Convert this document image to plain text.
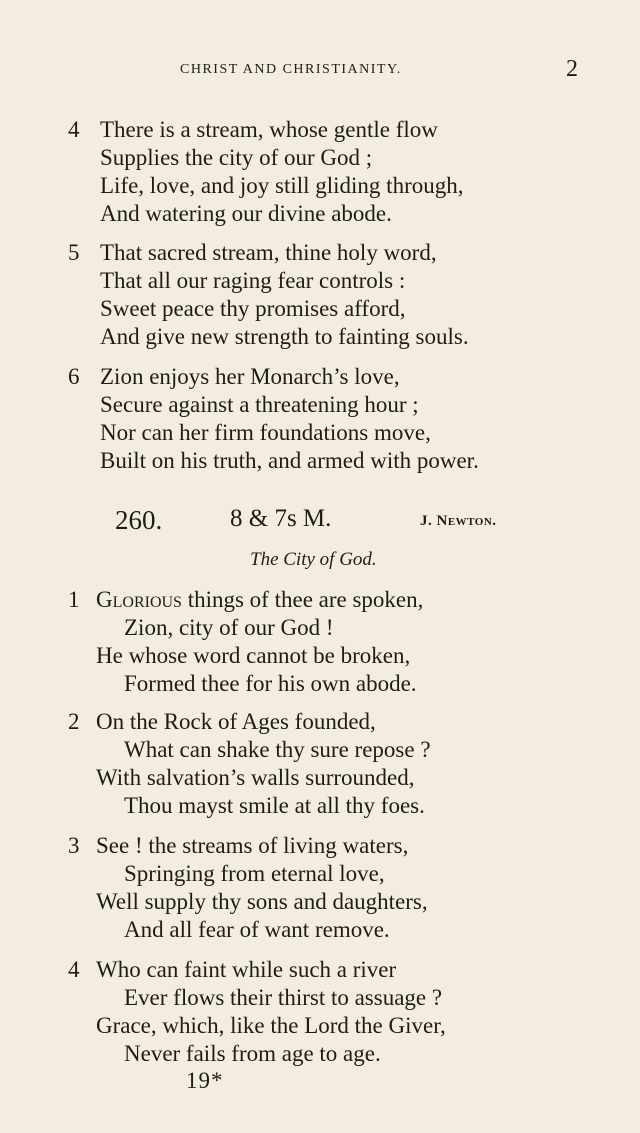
CHRIST AND CHRISTIANITY.	2
4 There is a stream, whose gentle flow
Supplies the city of our God ;
Life, love, and joy still gliding through,
And watering our divine abode.
5 That sacred stream, thine holy word,
That all our raging fear controls :
Sweet peace thy promises afford,
And give new strength to fainting souls.
6 Zion enjoys her Monarch’s love,
Secure against a threatening hour ;
Nor can her firm foundations move,
Built on his truth, and armed with power.
260.	8 & 7s M.	J. Newton.
The City of God.
1 Glorious things of thee are spoken,
Zion, city of our God !
He whose word cannot be broken,
Formed thee for his own abode.
2 On the Rock of Ages founded,
What can shake thy sure repose ?
With salvation’s walls surrounded,
Thou mayst smile at all thy foes.
3 See ! the streams of living waters,
Springing from eternal love,
Well supply thy sons and daughters,
And all fear of want remove.
4 Who can faint while such a river
Ever flows their thirst to assuage ?
Grace, which, like the Lord the Giver,
Never fails from age to age.
19*
